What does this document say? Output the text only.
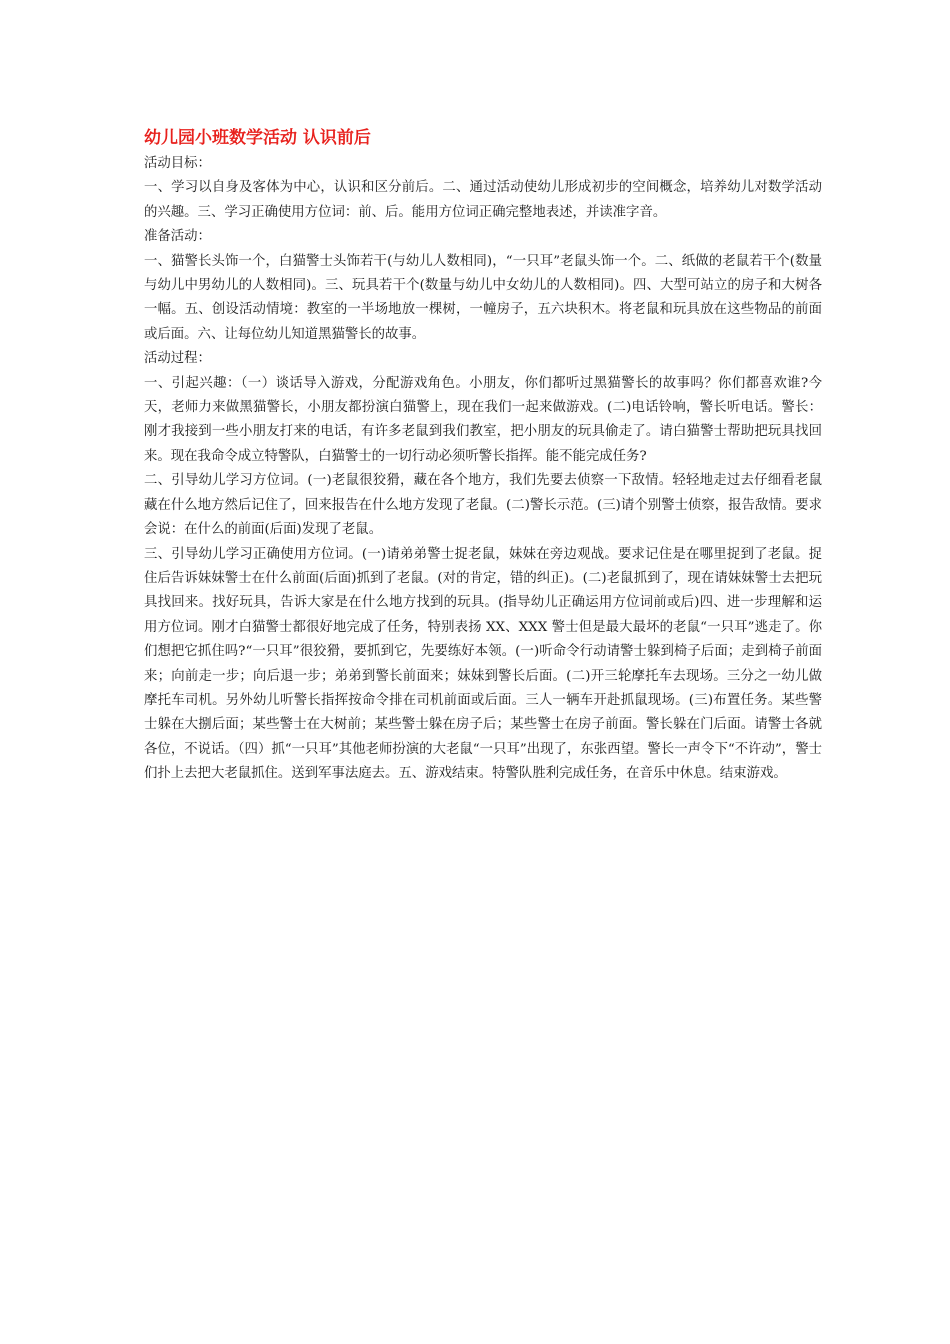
幼儿园小班数学活动 认识前后

活动目标：

一、学习以自身及客体为中心，认识和区分前后。二、通过活动使幼儿形成初步的空间概念，培养幼儿对数学活动的兴趣。三、学习正确使用方位词：前、后。能用方位词正确完整地表述，并读准字音。

准备活动：

一、猫警长头饰一个，白猫警士头饰若干(与幼儿人数相同)，“一只耳”老鼠头饰一个。二、纸做的老鼠若干个(数量与幼儿中男幼儿的人数相同)。三、玩具若干个(数量与幼儿中女幼儿的人数相同)。四、大型可站立的房子和大树各一幅。五、创设活动情境：教室的一半场地放一棵树，一幢房子，五六块积木。将老鼠和玩具放在这些物品的前面或后面。六、让每位幼儿知道黑猫警长的故事。

活动过程：

一、引起兴趣：（一）谈话导入游戏，分配游戏角色。小朋友，你们都听过黑猫警长的故事吗？你们都喜欢谁?今天，老师力来做黑猫警长，小朋友都扮演白猫警上，现在我们一起来做游戏。(二)电话铃响，警长听电话。警长：刚才我接到一些小朋友打来的电话，有许多老鼠到我们教室，把小朋友的玩具偷走了。请白猫警士帮助把玩具找回来。现在我命令成立特警队，白猫警士的一切行动必须听警长指挥。能不能完成任务?

二、引导幼儿学习方位词。(一)老鼠很狡猾，藏在各个地方，我们先要去侦察一下敌情。轻轻地走过去仔细看老鼠藏在什么地方然后记住了，回来报告在什么地方发现了老鼠。(二)警长示范。(三)请个别警士侦察，报告敌情。要求会说：在什么的前面(后面)发现了老鼠。

三、引导幼儿学习正确使用方位词。(一)请弟弟警士捉老鼠，妹妹在旁边观战。要求记住是在哪里捉到了老鼠。捉住后告诉妹妹警士在什么前面(后面)抓到了老鼠。(对的肯定，错的纠正)。(二)老鼠抓到了，现在请妹妹警士去把玩具找回来。找好玩具，告诉大家是在什么地方找到的玩具。(指导幼儿正确运用方位词前或后)四、进一步理解和运用方位词。刚才白猫警士都很好地完成了任务，特别表扬 XX、XXX 警士但是最大最坏的老鼠“一只耳”逃走了。你们想把它抓住吗?“一只耳”很狡猾，要抓到它，先要练好本领。(一)听命令行动请警士躲到椅子后面；走到椅子前面来；向前走一步；向后退一步；弟弟到警长前面来；妹妹到警长后面。(二)开三轮摩托车去现场。三分之一幼儿做摩托车司机。另外幼儿听警长指挥按命令排在司机前面或后面。三人一辆车开赴抓鼠现场。(三)布置任务。某些警士躲在大捌后面；某些警士在大树前；某些警士躲在房子后；某些警士在房子前面。警长躲在门后面。请警士各就各位，不说话。（四）抓“一只耳”其他老师扮演的大老鼠“一只耳”出现了，东张西望。警长一声令下“不许动”，警士们扑上去把大老鼠抓住。送到军事法庭去。五、游戏结束。特警队胜利完成任务，在音乐中休息。结束游戏。
